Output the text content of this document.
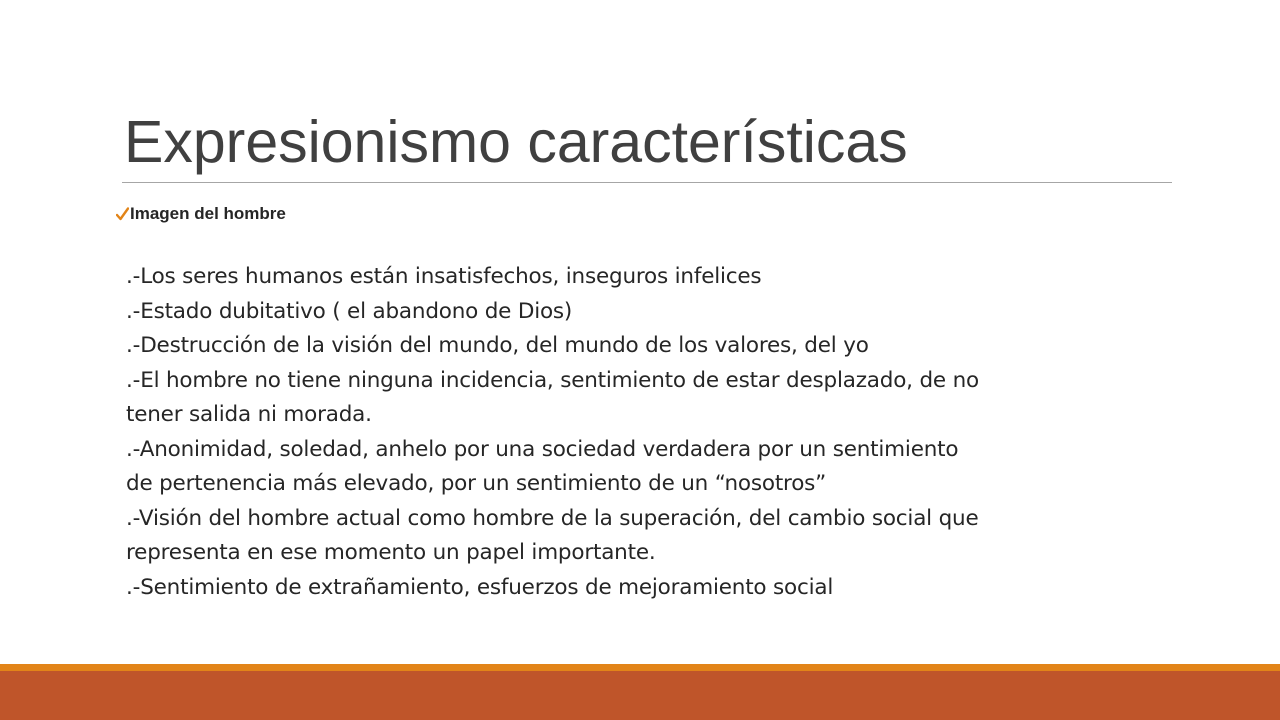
Expresionismo características
Imagen del hombre
.-Los seres humanos están insatisfechos, inseguros infelices
.-Estado dubitativo ( el abandono de Dios)
.-Destrucción de la visión del mundo, del mundo de los valores, del yo
.-El hombre no tiene ninguna incidencia, sentimiento de estar desplazado, de no
tener salida ni morada.
.-Anonimidad, soledad, anhelo por una sociedad verdadera por un sentimiento
de pertenencia más elevado, por un sentimiento de un “nosotros”
.-Visión del hombre actual como hombre de la superación, del cambio social que
representa en ese momento un papel importante.
.-Sentimiento de extrañamiento, esfuerzos de mejoramiento social
